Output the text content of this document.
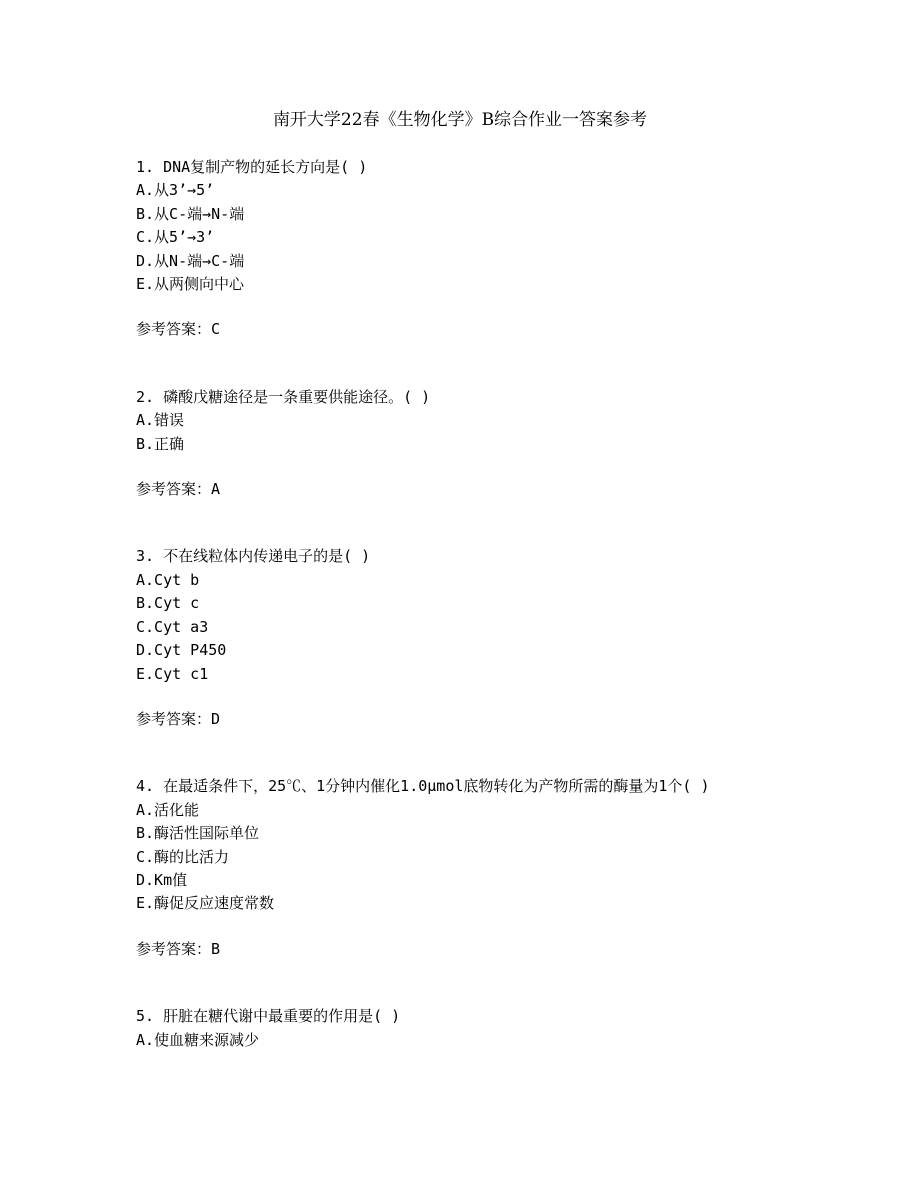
南开大学22春《生物化学》B综合作业一答案参考
1. DNA复制产物的延长方向是( )
A.从3’→5’
B.从C-端→N-端
C.从5’→3’
D.从N-端→C-端
E.从两侧向中心
参考答案：C
2. 磷酸戊糖途径是一条重要供能途径。( )
A.错误
B.正确
参考答案：A
3. 不在线粒体内传递电子的是( )
A.Cyt b
B.Cyt c
C.Cyt a3
D.Cyt P450
E.Cyt c1
参考答案：D
4. 在最适条件下，25℃、1分钟内催化1.0μmol底物转化为产物所需的酶量为1个( )
A.活化能
B.酶活性国际单位
C.酶的比活力
D.Km值
E.酶促反应速度常数
参考答案：B
5. 肝脏在糖代谢中最重要的作用是( )
A.使血糖来源减少
